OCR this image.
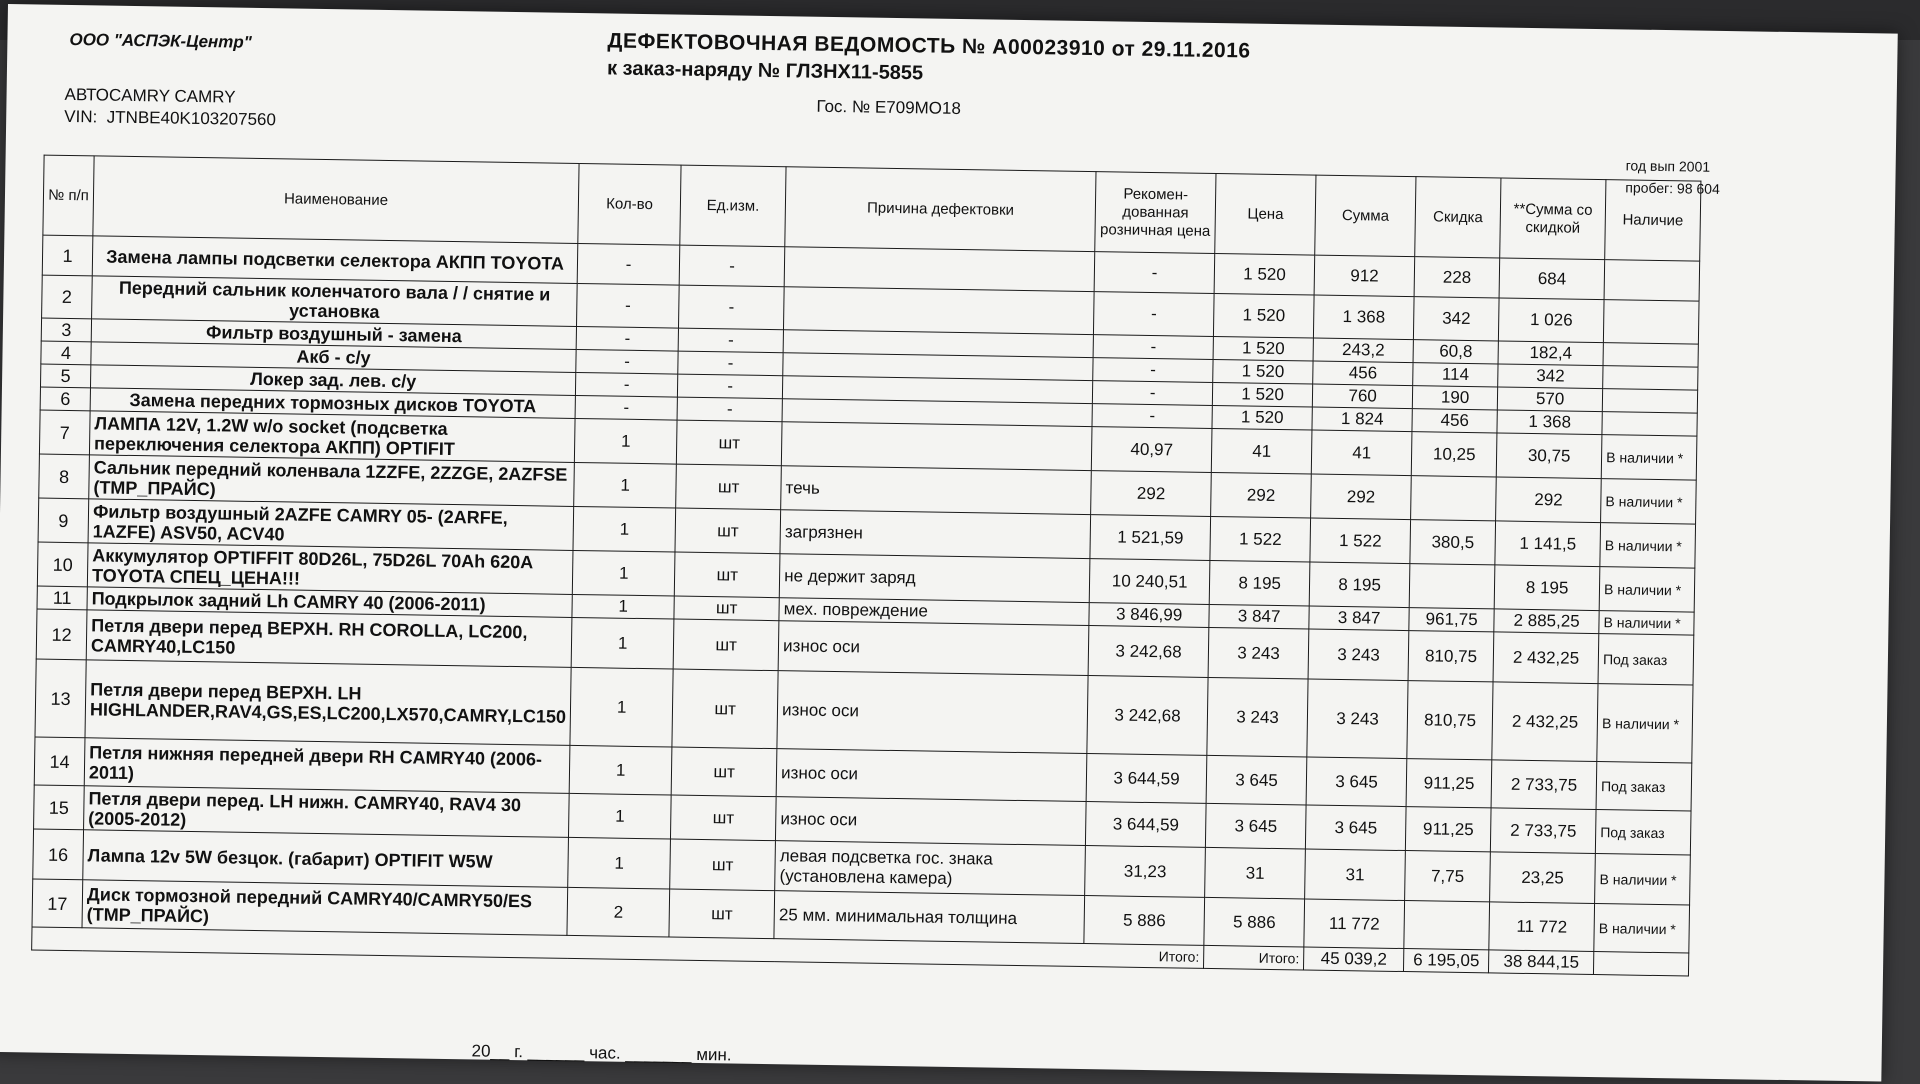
ООО "АСПЭК-Центр"	ДЕФЕКТОВОЧНАЯ ВЕДОМОСТЬ № А00023910 от 29.11.2016
к заказ-наряду № ГЛЗНХ11-5855
АВТОCAMRY CAMRY
VIN: JTNBE40K103207560
Гос. № Е709МО18
год вып 2001
пробег: 98 604
№ п/п	Наименование	Кол-во	Ед.изм.	Причина дефектовки	Рекомен-дованная розничная цена	Цена	Сумма	Скидка	**Сумма со скидкой	Наличие
1	Замена лампы подсветки селектора АКПП TOYOTA	-	-		-	1 520	912	228	684	
2	Передний сальник коленчатого вала / / снятие и установка	-	-		-	1 520	1 368	342	1 026	
3	Фильтр воздушный - замена	-	-		-	1 520	243,2	60,8	182,4	
4	Акб - с/у	-	-		-	1 520	456	114	342	
5	Локер зад. лев. с/у	-	-		-	1 520	760	190	570	
6	Замена передних тормозных дисков TOYOTA	-	-		-	1 520	1 824	456	1 368	
7	ЛАМПА 12V, 1.2W w/o socket (подсветка переключения селектора АКПП) OPTIFIT	1	шт		40,97	41	41	10,25	30,75	В наличии *
8	Сальник передний коленвала 1ZZFE, 2ZZGE, 2AZFSE (ТМР_ПРАЙС)	1	шт	течь	292	292	292		292	В наличии *
9	Фильтр воздушный 2AZFE CAMRY 05- (2ARFE, 1AZFE) ASV50, ACV40	1	шт	загрязнен	1 521,59	1 522	1 522	380,5	1 141,5	В наличии *
10	Аккумулятор OPTIFFIT 80D26L, 75D26L 70Ah 620A TOYOTA СПЕЦ_ЦЕНА!!!	1	шт	не держит заряд	10 240,51	8 195	8 195		8 195	В наличии *
11	Подкрылок задний Lh CAMRY 40 (2006-2011)	1	шт	мех. повреждение	3 846,99	3 847	3 847	961,75	2 885,25	В наличии *
12	Петля двери перед ВЕРХН. RH COROLLA, LC200, CAMRY40,LC150	1	шт	износ оси	3 242,68	3 243	3 243	810,75	2 432,25	Под заказ
13	Петля двери перед ВЕРХН. LH HIGHLANDER,RAV4,GS,ES,LC200,LX570,CAMRY,LC150	1	шт	износ оси	3 242,68	3 243	3 243	810,75	2 432,25	В наличии *
14	Петля нижняя передней двери RH CAMRY40 (2006-2011)	1	шт	износ оси	3 644,59	3 645	3 645	911,25	2 733,75	Под заказ
15	Петля двери перед. LH нижн. CAMRY40, RAV4 30 (2005-2012)	1	шт	износ оси	3 644,59	3 645	3 645	911,25	2 733,75	Под заказ
16	Лампа 12v 5W безцок. (габарит) OPTIFIT W5W	1	шт	левая подсветка гос. знака (установлена камера)	31,23	31	31	7,75	23,25	В наличии *
17	Диск тормозной передний CAMRY40/CAMRY50/ES (ТМР_ПРАЙС)	2	шт	25 мм. минимальная толщина	5 886	5 886	11 772		11 772	В наличии *
Итого:						Итого:	45 039,2	6 195,05	38 844,15	
20__ г. ______ час. _______ мин.
